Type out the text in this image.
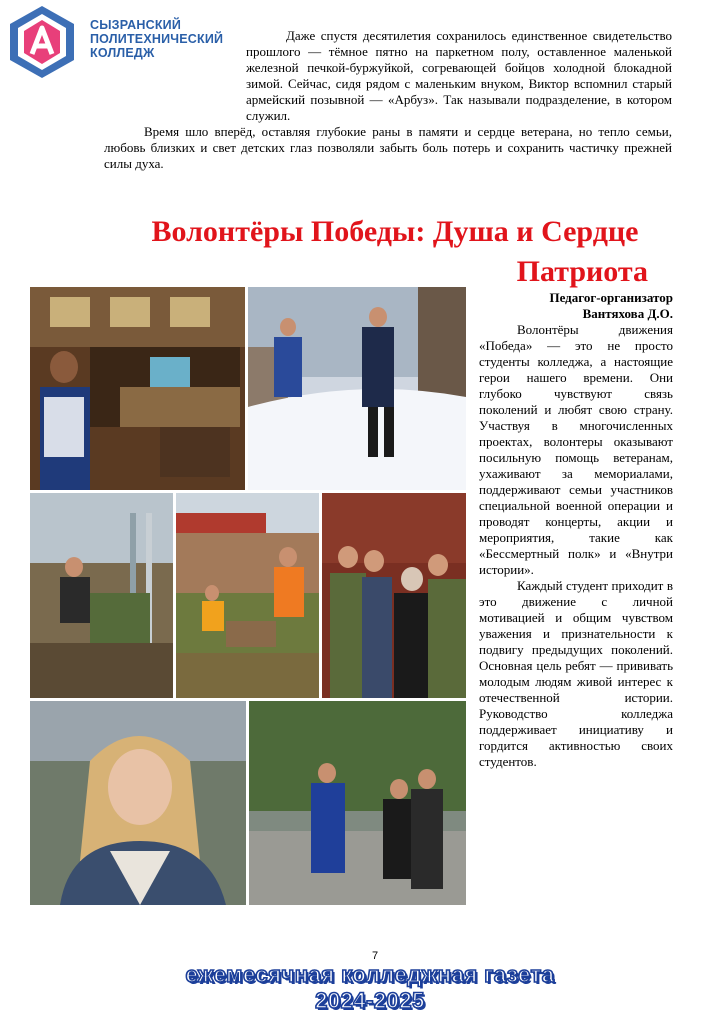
СЫЗРАНСКИЙ
ПОЛИТЕХНИЧЕСКИЙ
КОЛЛЕДЖ

Даже спустя десятилетия сохранилось единственное свидетельство прошлого — тёмное пятно на паркетном полу, оставленное маленькой железной печкой-буржуйкой, согревающей бойцов холодной блокадной зимой. Сейчас, сидя рядом с маленьким внуком, Виктор вспомнил старый армейский позывной — «Арбуз». Так называли подразделение, в котором служил.

Время шло вперёд, оставляя глубокие раны в памяти и сердце ветерана, но тепло семьи, любовь близких и свет детских глаз позволяли забыть боль потерь и сохранить частичку прежней силы духа.

Волонтёры Победы: Душа и Сердце
Патриота
Педагог-организатор
Вантяхова Д.О.

Волонтёры движения «Победа» — это не просто студенты колледжа, а настоящие герои нашего времени. Они глубоко чувствуют связь поколений и любят свою страну. Участвуя в многочисленных проектах, волонтеры оказывают посильную помощь ветеранам, ухаживают за мемориалами, поддерживают семьи участников специальной военной операции и проводят концерты, акции и мероприятия, такие как «Бессмертный полк» и «Внутри истории».

Каждый студент приходит в это движение с личной мотивацией и общим чувством уважения и признательности к подвигу предыдущих поколений. Основная цель ребят — прививать молодым людям живой интерес к отечественной истории. Руководство колледжа поддерживает инициативу и гордится активностью своих студентов.

7
ежемесячная колледжная газета
2024-2025
